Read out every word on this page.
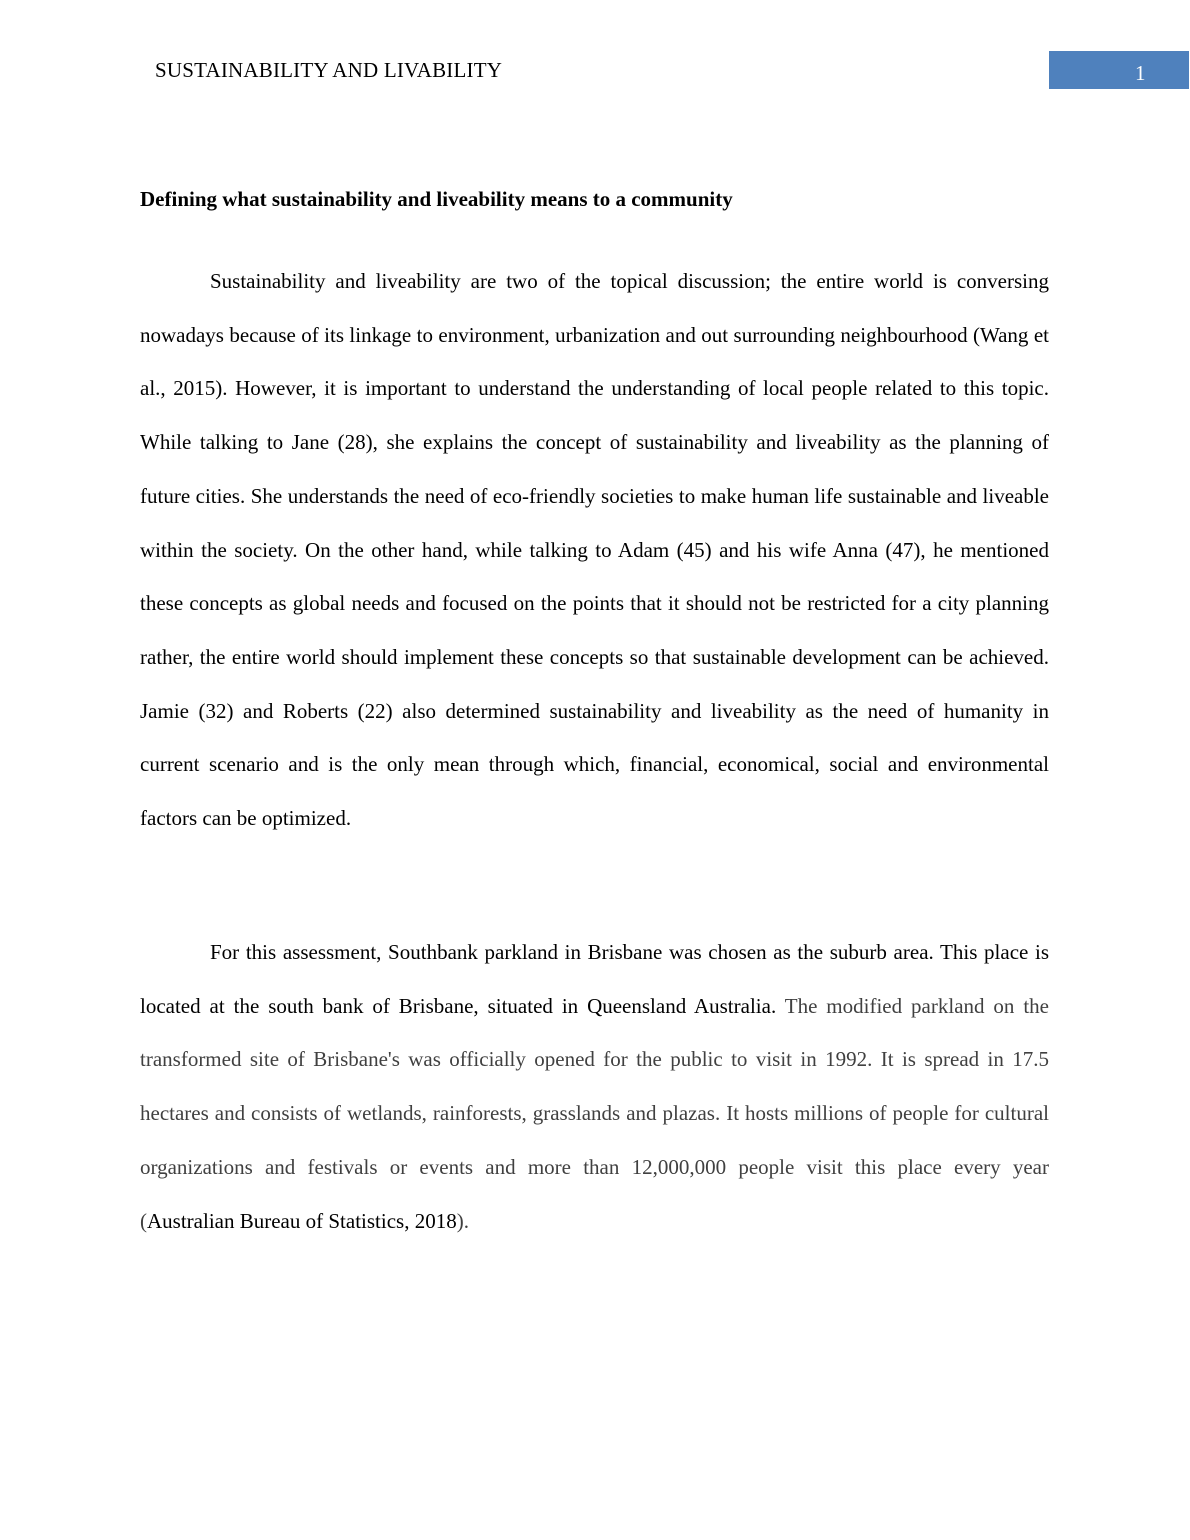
SUSTAINABILITY AND LIVABILITY	1
Defining what sustainability and liveability means to a community

Sustainability and liveability are two of the topical discussion; the entire world is conversing nowadays because of its linkage to environment, urbanization and out surrounding neighbourhood (Wang et al., 2015). However, it is important to understand the understanding of local people related to this topic. While talking to Jane (28), she explains the concept of sustainability and liveability as the planning of future cities. She understands the need of eco-friendly societies to make human life sustainable and liveable within the society. On the other hand, while talking to Adam (45) and his wife Anna (47), he mentioned these concepts as global needs and focused on the points that it should not be restricted for a city planning rather, the entire world should implement these concepts so that sustainable development can be achieved. Jamie (32) and Roberts (22) also determined sustainability and liveability as the need of humanity in current scenario and is the only mean through which, financial, economical, social and environmental factors can be optimized.

For this assessment, Southbank parkland in Brisbane was chosen as the suburb area. This place is located at the south bank of Brisbane, situated in Queensland Australia. The modified parkland on the transformed site of Brisbane's was officially opened for the public to visit in 1992. It is spread in 17.5 hectares and consists of wetlands, rainforests, grasslands and plazas. It hosts millions of people for cultural organizations and festivals or events and more than 12,000,000 people visit this place every year (Australian Bureau of Statistics, 2018).
